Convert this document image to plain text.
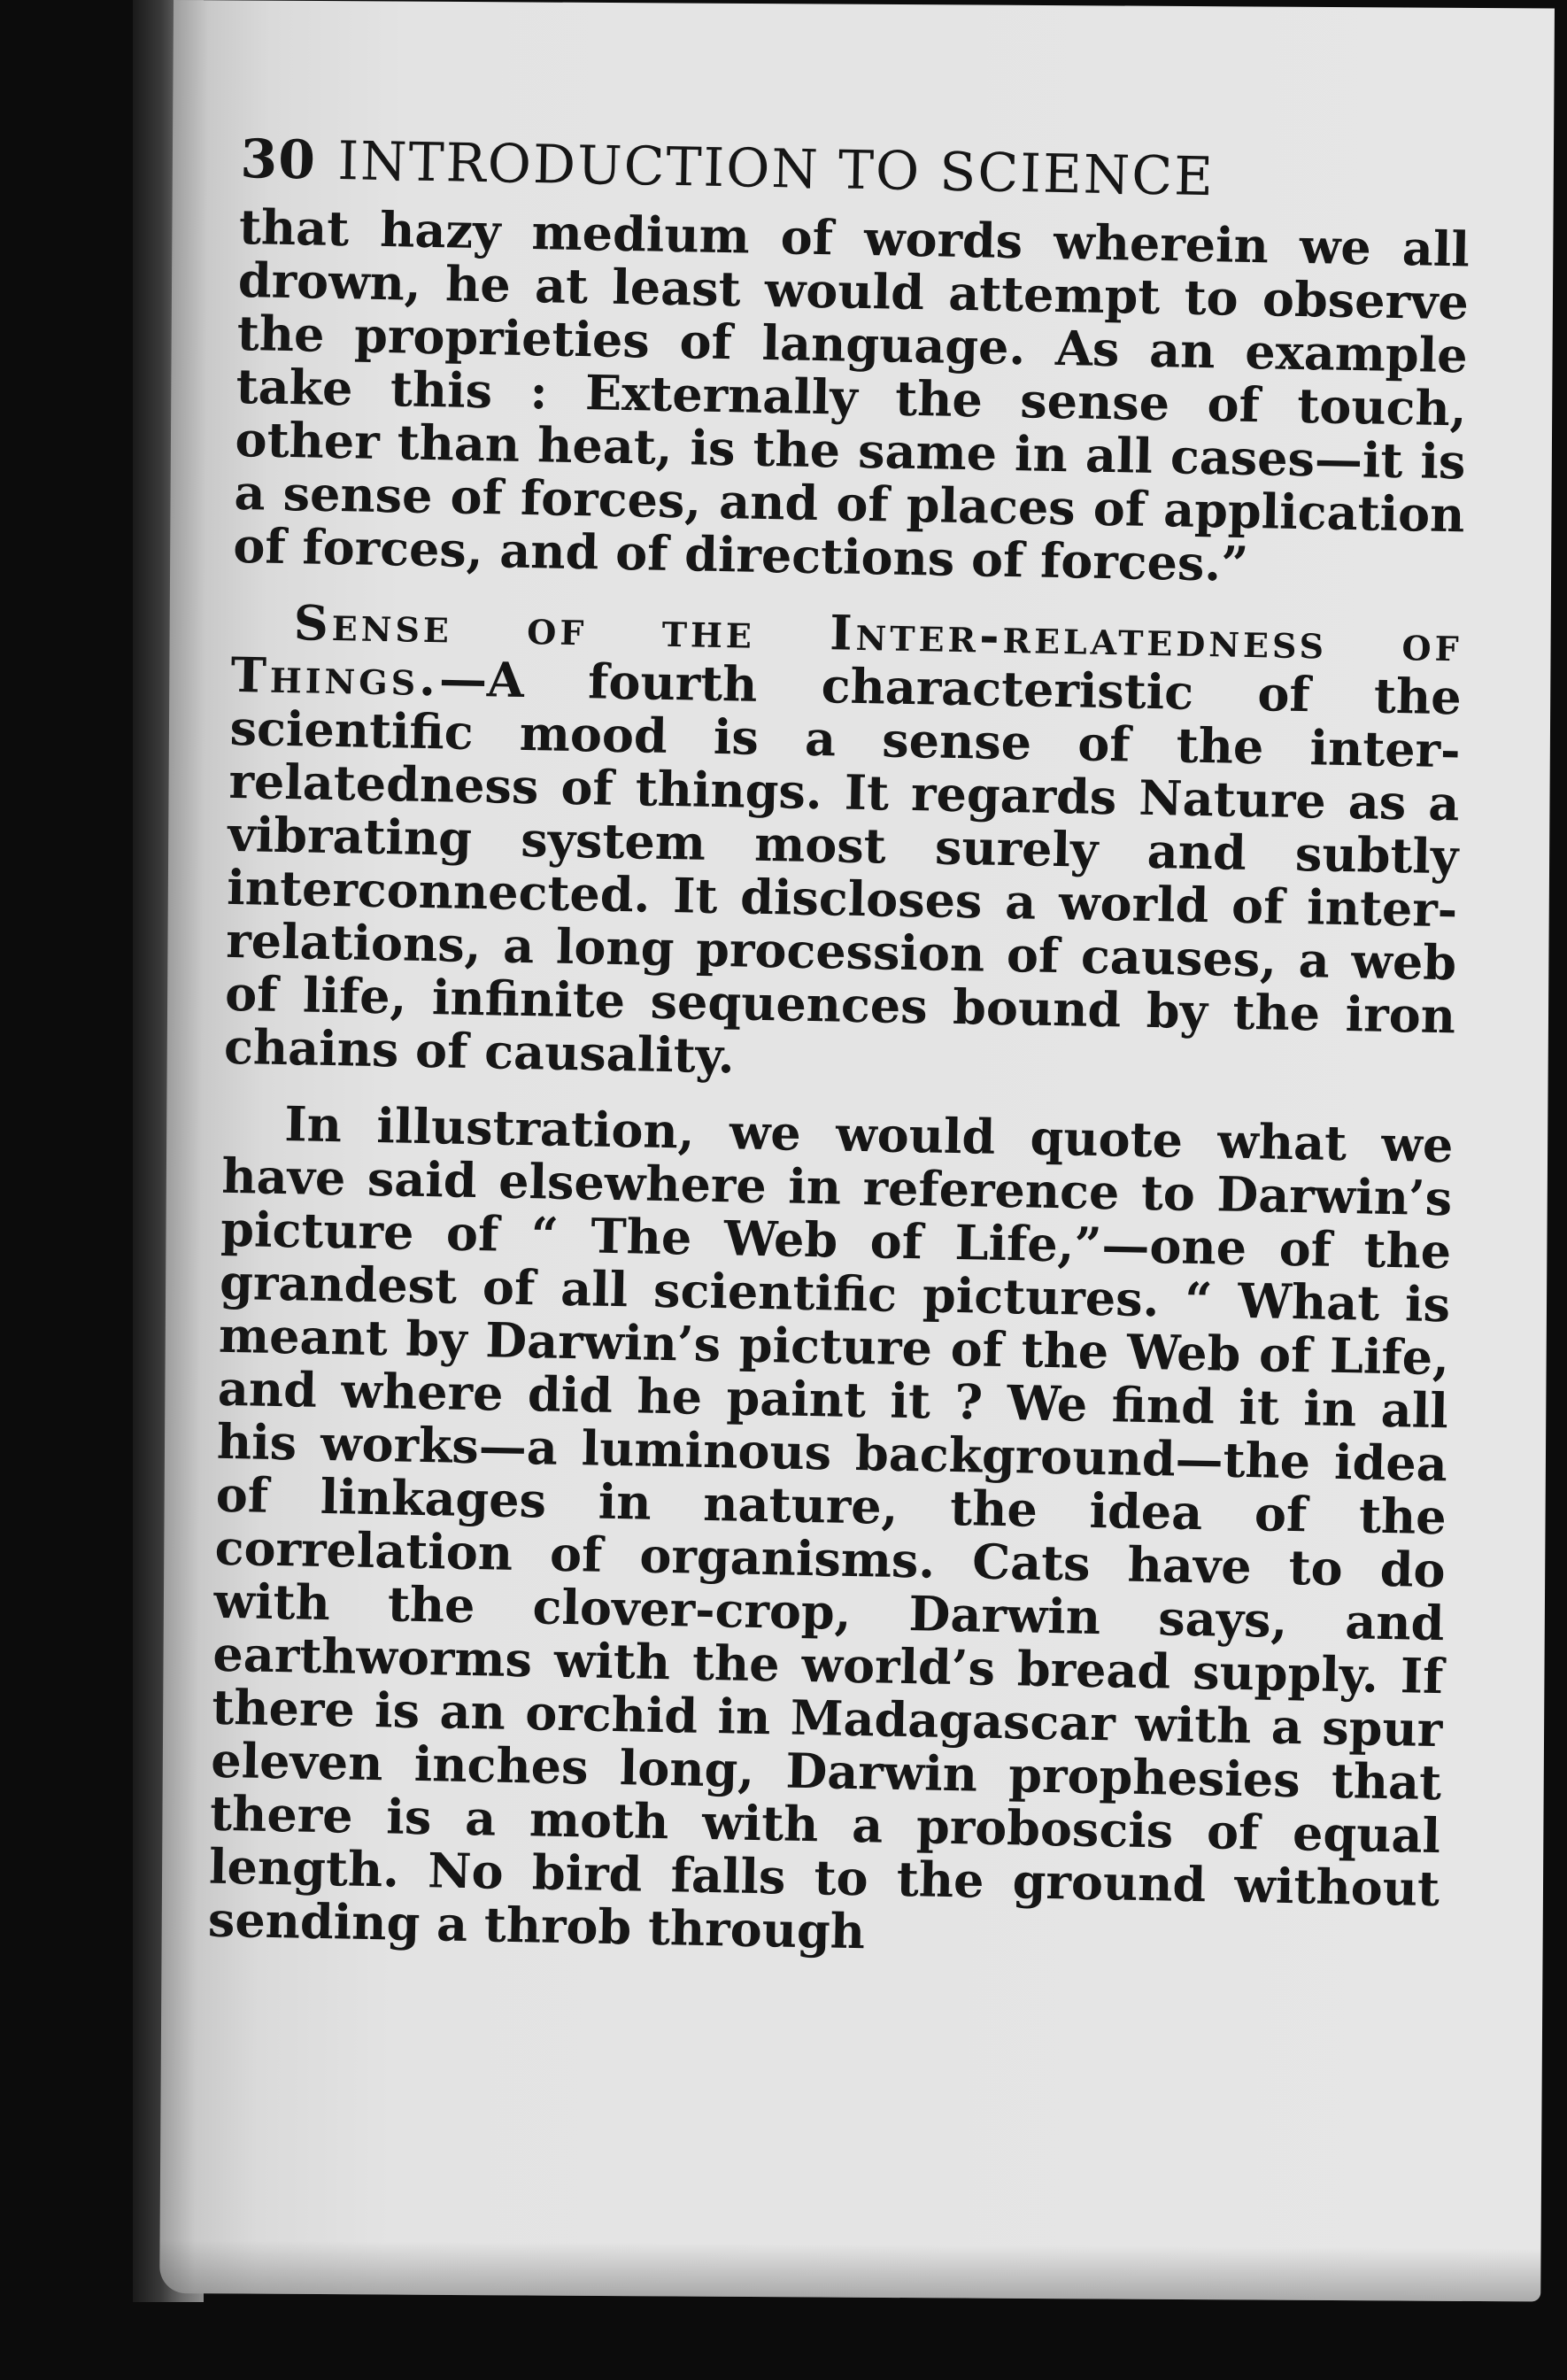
30 INTRODUCTION TO SCIENCE

that hazy medium of words wherein we all drown, he at least would attempt to observe the proprieties of language. As an example take this : Externally the sense of touch, other than heat, is the same in all cases—it is a sense of forces, and of places of application of forces, and of directions of forces.”

Sense of the Inter-relatedness of Things.—A fourth characteristic of the scientific mood is a sense of the inter-relatedness of things. It regards Nature as a vibrating system most surely and subtly interconnected. It discloses a world of inter-relations, a long procession of causes, a web of life, infinite sequences bound by the iron chains of causality.

In illustration, we would quote what we have said elsewhere in reference to Darwin’s picture of “ The Web of Life,”—one of the grandest of all scientific pictures. “ What is meant by Darwin’s picture of the Web of Life, and where did he paint it ? We find it in all his works—a luminous background—the idea of linkages in nature, the idea of the correlation of organisms. Cats have to do with the clover-crop, Darwin says, and earthworms with the world’s bread supply. If there is an orchid in Madagascar with a spur eleven inches long, Darwin prophesies that there is a moth with a proboscis of equal length. No bird falls to the ground without sending a throb through
